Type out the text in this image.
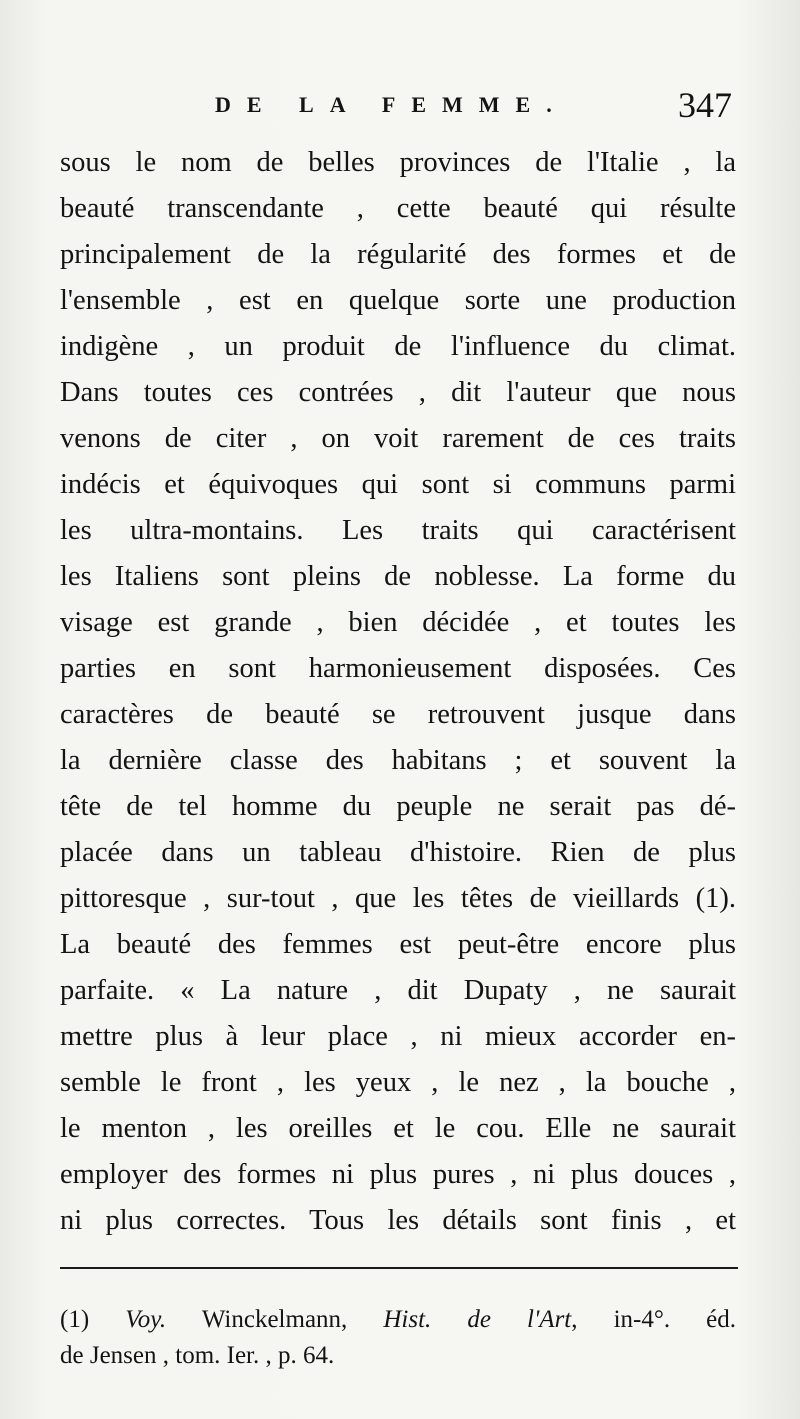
DE LA FEMME.	347
sous le nom de belles provinces de l'Italie , la
beauté transcendante , cette beauté qui résulte
principalement de la régularité des formes et de
l'ensemble , est en quelque sorte une production
indigène , un produit de l'influence du climat.
Dans toutes ces contrées , dit l'auteur que nous
venons de citer , on voit rarement de ces traits
indécis et équivoques qui sont si communs parmi
les ultra-montains. Les traits qui caractérisent
les Italiens sont pleins de noblesse. La forme du
visage est grande , bien décidée , et toutes les
parties en sont harmonieusement disposées. Ces
caractères de beauté se retrouvent jusque dans
la dernière classe des habitans ; et souvent la
tête de tel homme du peuple ne serait pas dé-
placée dans un tableau d'histoire. Rien de plus
pittoresque , sur-tout , que les têtes de vieillards (1).
La beauté des femmes est peut-être encore plus
parfaite. « La nature , dit Dupaty , ne saurait
mettre plus à leur place , ni mieux accorder en-
semble le front , les yeux , le nez , la bouche ,
le menton , les oreilles et le cou. Elle ne saurait
employer des formes ni plus pures , ni plus douces ,
ni plus correctes. Tous les détails sont finis , et
(1) Voy. Winckelmann, Hist. de l'Art, in-4°. éd.
de Jensen , tom. Ier. , p. 64.
